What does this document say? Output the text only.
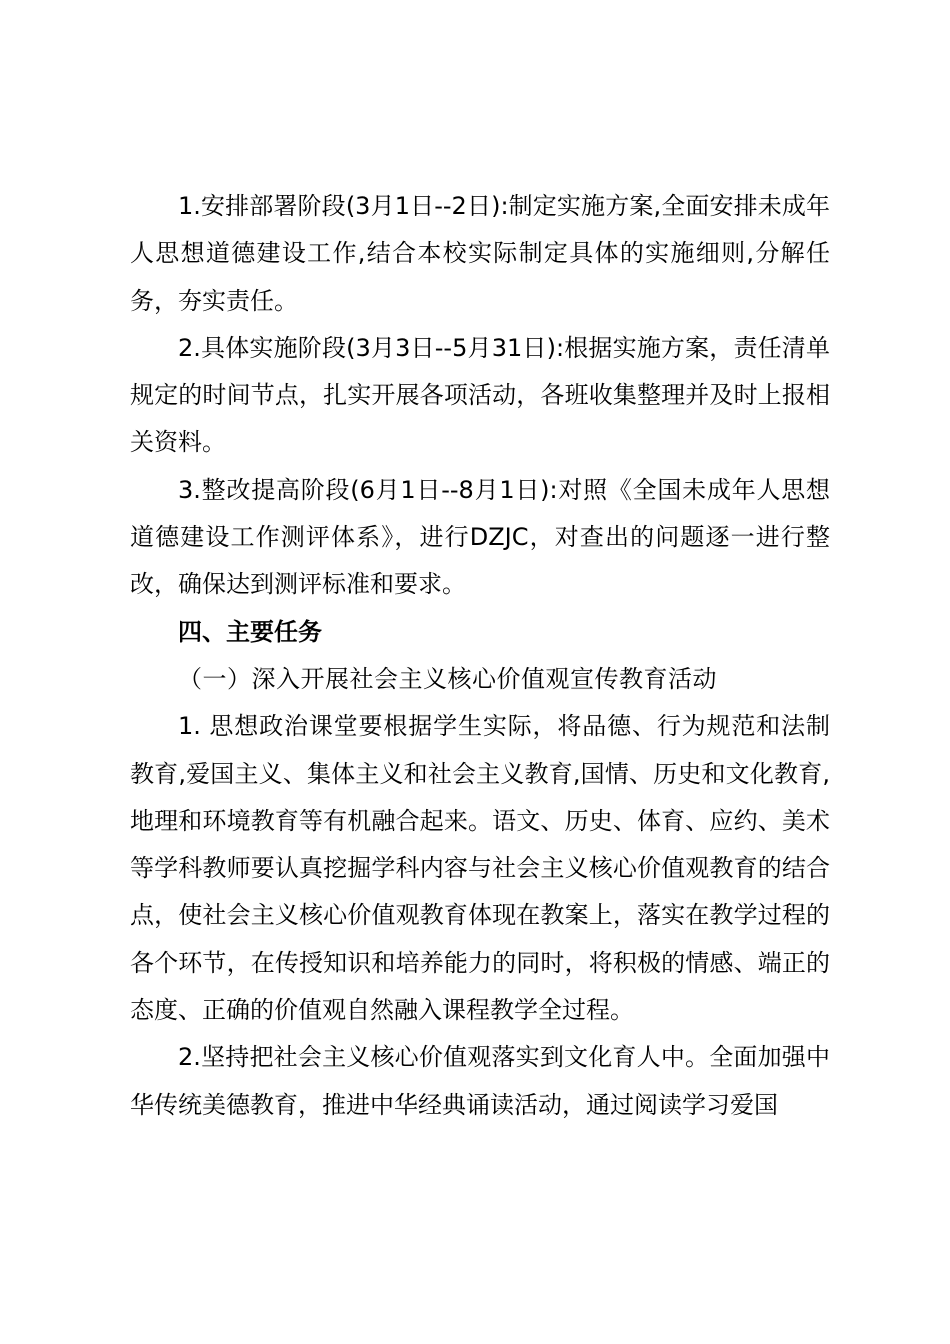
1.安排部署阶段(3月1日--2日):制定实施方案,全面安排未成年人思想道德建设工作,结合本校实际制定具体的实施细则,分解任务，夯实责任。

2.具体实施阶段(3月3日--5月31日):根据实施方案，责任清单规定的时间节点，扎实开展各项活动，各班收集整理并及时上报相关资料。

3.整改提高阶段(6月1日--8月1日):对照《全国未成年人思想道德建设工作测评体系》，进行DZJC，对查出的问题逐一进行整改，确保达到测评标准和要求。

四、主要任务

（一）深入开展社会主义核心价值观宣传教育活动

1. 思想政治课堂要根据学生实际，将品德、行为规范和法制教育,爱国主义、集体主义和社会主义教育,国情、历史和文化教育,地理和环境教育等有机融合起来。语文、历史、体育、应约、美术等学科教师要认真挖掘学科内容与社会主义核心价值观教育的结合点，使社会主义核心价值观教育体现在教案上，落实在教学过程的各个环节，在传授知识和培养能力的同时，将积极的情感、端正的态度、正确的价值观自然融入课程教学全过程。

2.坚持把社会主义核心价值观落实到文化育人中。全面加强中华传统美德教育，推进中华经典诵读活动，通过阅读学习爱国
